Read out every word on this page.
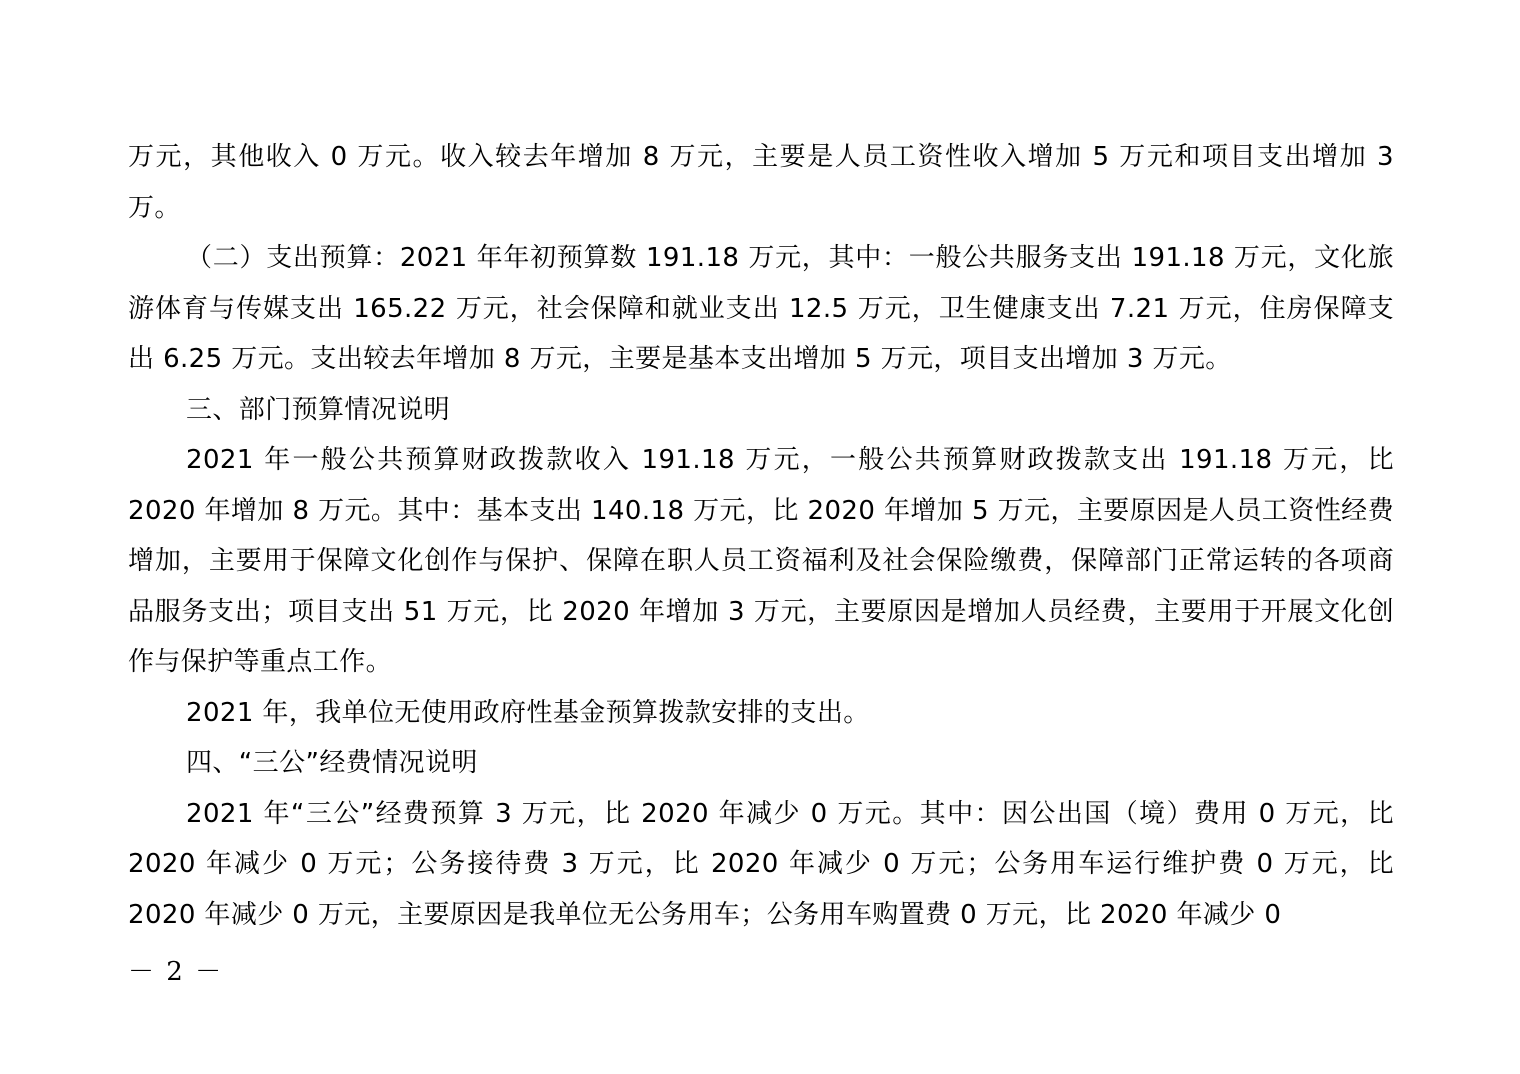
万元，其他收入 0 万元。收入较去年增加 8 万元，主要是人员工资性收入增加 5 万元和项目支出增加 3 万。

（二）支出预算：2021 年年初预算数 191.18 万元，其中：一般公共服务支出 191.18 万元，文化旅游体育与传媒支出 165.22 万元，社会保障和就业支出 12.5 万元，卫生健康支出 7.21 万元，住房保障支出 6.25 万元。支出较去年增加 8 万元，主要是基本支出增加 5 万元，项目支出增加 3 万元。

三、部门预算情况说明

2021 年一般公共预算财政拨款收入 191.18 万元，一般公共预算财政拨款支出 191.18 万元，比 2020 年增加 8 万元。其中：基本支出 140.18 万元，比 2020 年增加 5 万元，主要原因是人员工资性经费增加，主要用于保障文化创作与保护、保障在职人员工资福利及社会保险缴费，保障部门正常运转的各项商品服务支出；项目支出 51 万元，比 2020 年增加 3 万元，主要原因是增加人员经费，主要用于开展文化创作与保护等重点工作。

2021 年，我单位无使用政府性基金预算拨款安排的支出。

四、“三公”经费情况说明

2021 年“三公”经费预算 3 万元，比 2020 年减少 0 万元。其中：因公出国（境）费用 0 万元，比 2020 年减少 0 万元；公务接待费 3 万元，比 2020 年减少 0 万元；公务用车运行维护费 0 万元，比 2020 年减少 0 万元，主要原因是我单位无公务用车；公务用车购置费 0 万元，比 2020 年减少 0

－ 2 －
